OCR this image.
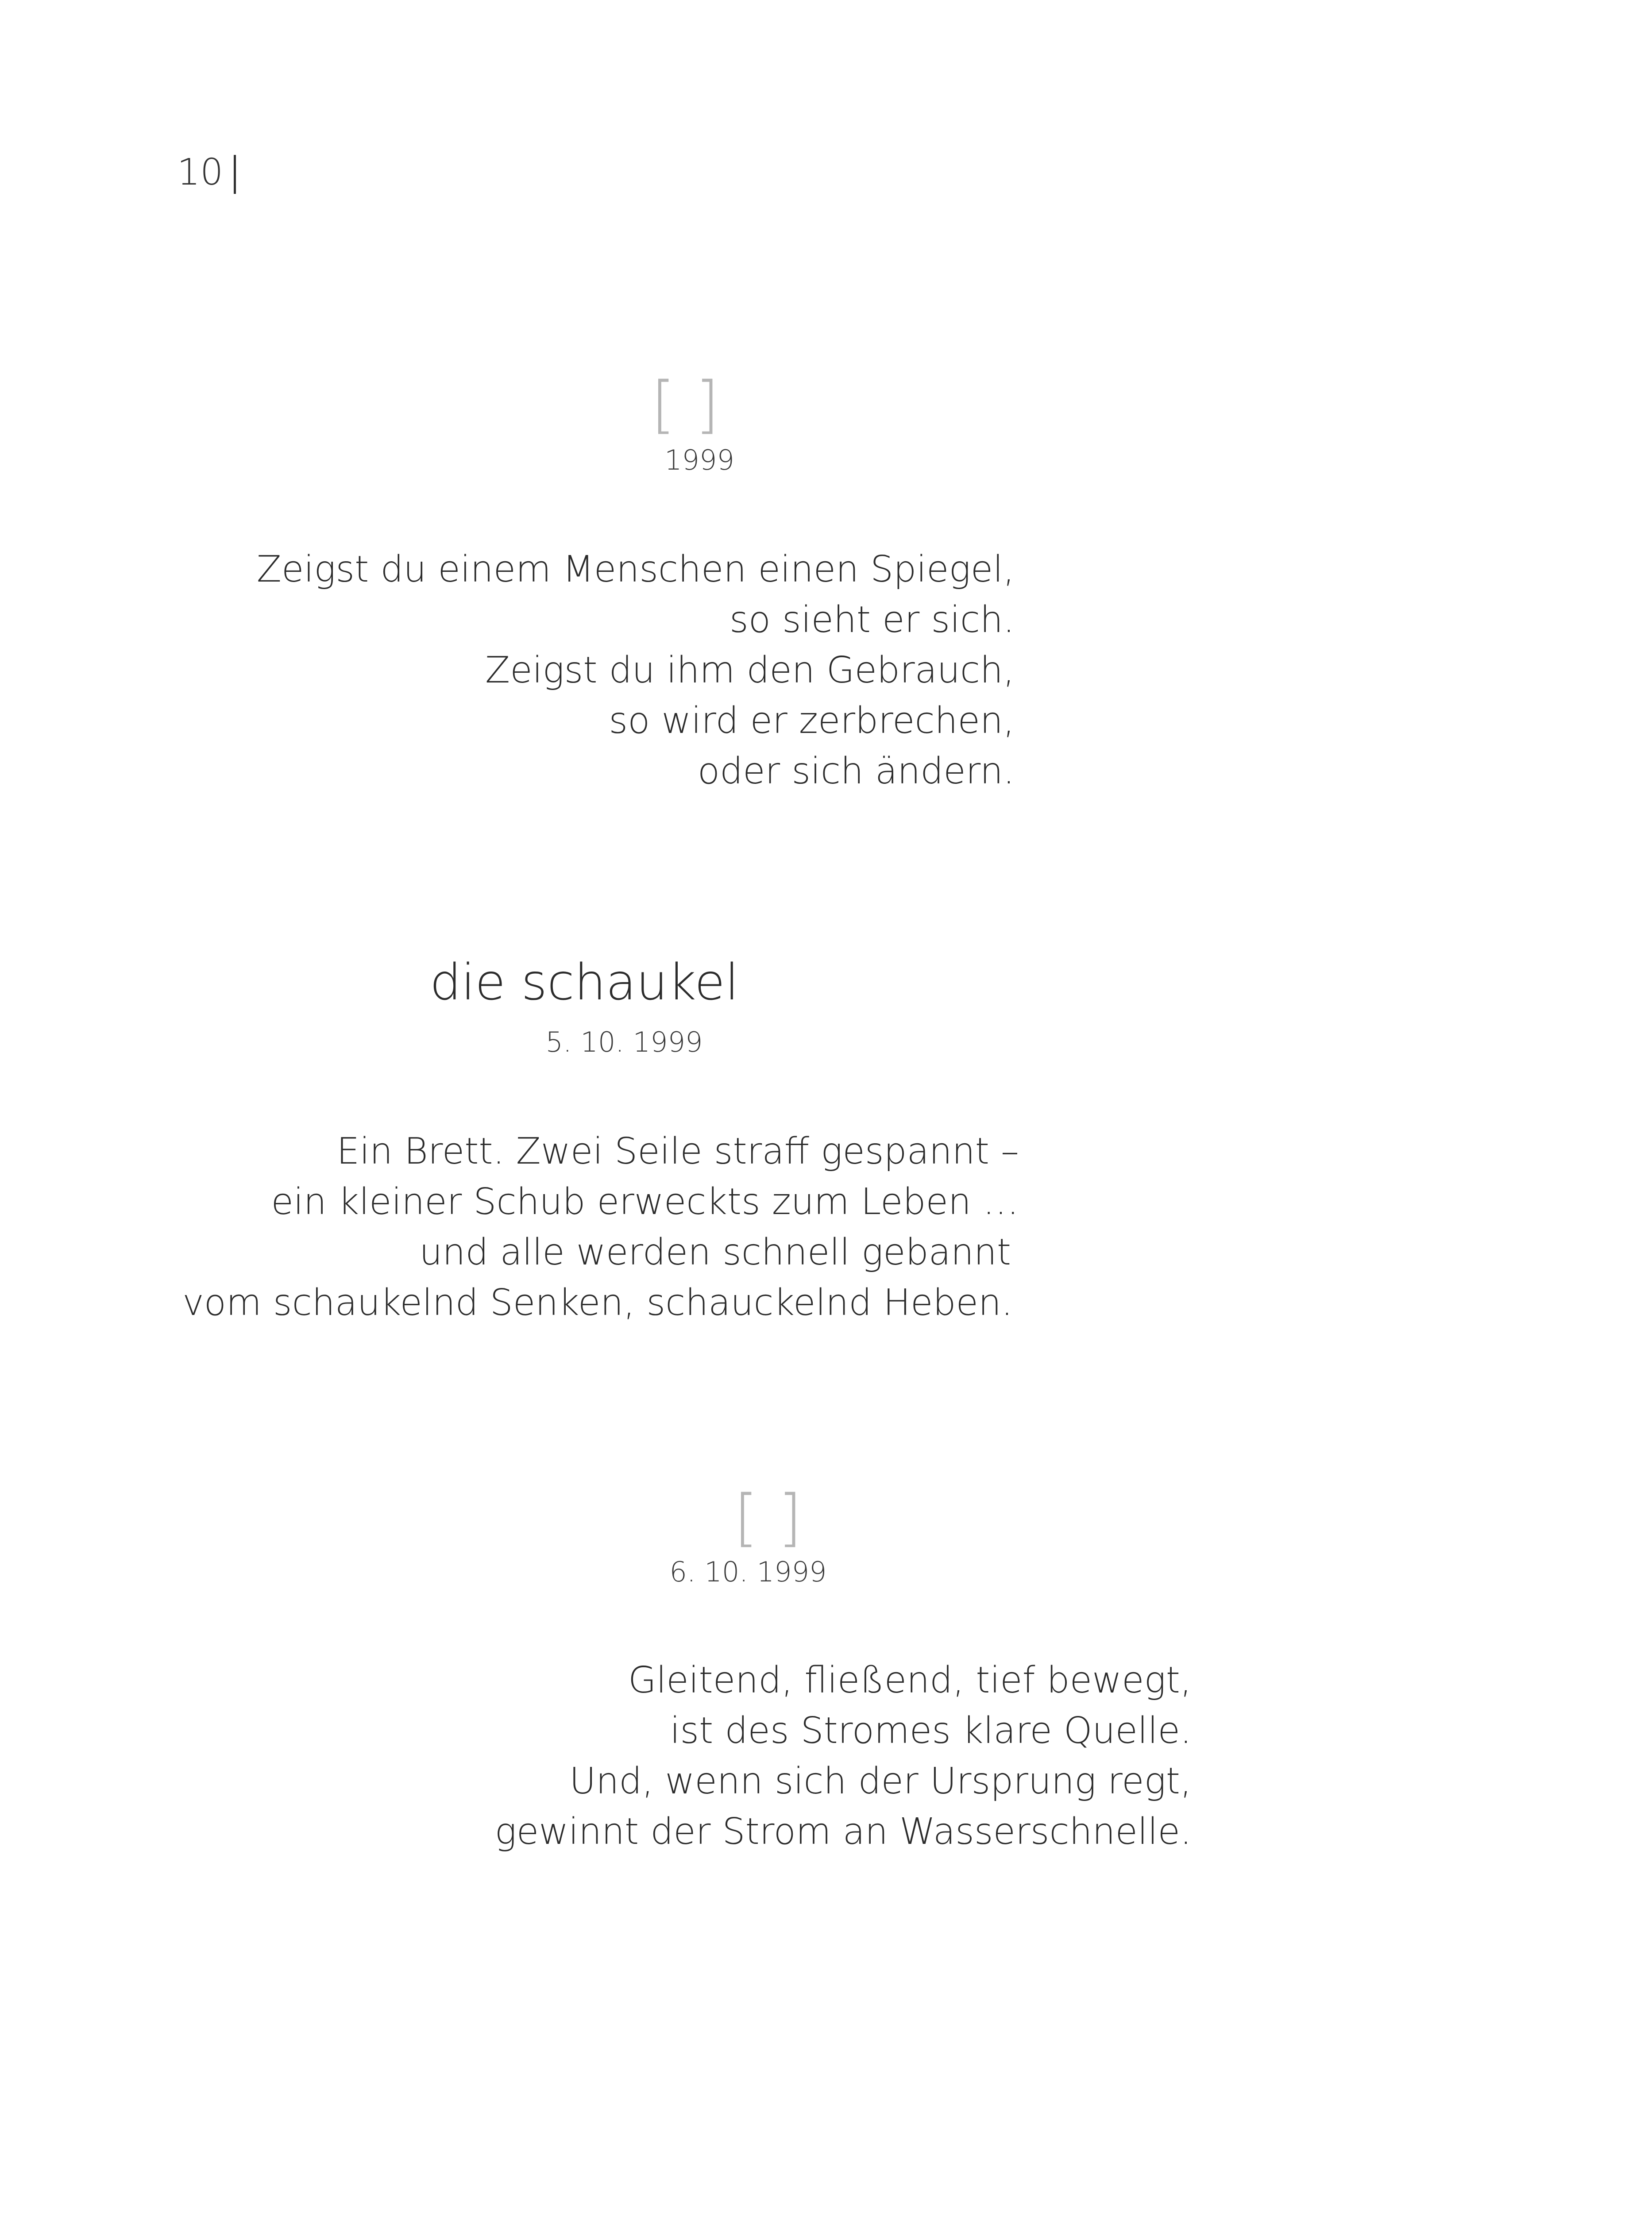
10
[ ]
1999
Zeigst du einem Menschen einen Spiegel,
so sieht er sich.
Zeigst du ihm den Gebrauch,
so wird er zerbrechen,
oder sich ändern.
die schaukel
5. 10. 1999
Ein Brett. Zwei Seile straff gespannt –
ein kleiner Schub erweckts zum Leben …
und alle werden schnell gebannt
vom schaukelnd Senken, schauckelnd Heben.
[ ]
6. 10. 1999
Gleitend, fließend, tief bewegt,
ist des Stromes klare Quelle.
Und, wenn sich der Ursprung regt,
gewinnt der Strom an Wasserschnelle.
